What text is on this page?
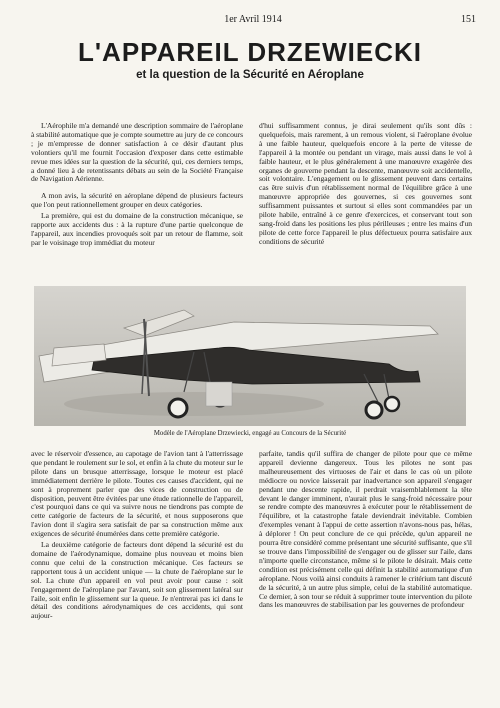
1er Avril 1914	151
L'APPAREIL DRZEWIECKI
et la question de la Sécurité en Aéroplane

L'Aérophile m'a demandé une description sommaire de l'aéroplane à stabilité automatique que je compte soumettre au jury de ce concours ; je m'empresse de donner satisfaction à ce désir d'autant plus volontiers qu'il me fournit l'occasion d'exposer dans cette estimable revue mes idées sur la question de la sécurité, qui, ces derniers temps, a donné lieu à de retentissants débats au sein de la Société Française de Navigation Aérienne.

A mon avis, la sécurité en aéroplane dépend de plusieurs facteurs que l'on peut rationnellement grouper en deux catégories.

La première, qui est du domaine de la construction mécanique, se rapporte aux accidents dus : à la rupture d'une partie quelconque de l'appareil, aux incendies provoqués soit par un retour de flamme, soit par le voisinage trop immédiat du moteur

d'hui suffisamment connus, je dirai seulement qu'ils sont dûs : quelquefois, mais rarement, à un remous violent, si l'aéroplane évolue à une faible hauteur, quelquefois encore à la perte de vitesse de l'appareil à la montée ou pendant un virage, mais aussi dans le vol à faible hauteur, et le plus généralement à une manœuvre exagérée des organes de gouverne pendant la descente, manœuvre soit accidentelle, soit volontaire. L'engagement ou le glissement peuvent dans certains cas être suivis d'un rétablissement normal de l'équilibre grâce à une manœuvre appropriée des gouvernes, si ces gouvernes sont suffisamment puissantes et surtout si elles sont commandées par un pilote habile, entraîné à ce genre d'exercices, et conservant tout son sang-froid dans les positions les plus périlleuses ; entre les mains d'un pilote de cette force l'appareil le plus défectueux pourra satisfaire aux conditions de sécurité

Modèle de l'Aéroplane Drzewiecki, engagé au Concours de la Sécurité

avec le réservoir d'essence, au capotage de l'avion tant à l'atterrissage que pendant le roulement sur le sol, et enfin à la chute du moteur sur le pilote dans un brusque atterrissage, lorsque le moteur est placé immédiatement derrière le pilote. Toutes ces causes d'accident, qui ne sont à proprement parler que des vices de construction ou de disposition, peuvent être évitées par une étude rationnelle de l'appareil, c'est pourquoi dans ce qui va suivre nous ne tiendrons pas compte de cette catégorie de facteurs de la sécurité, et nous supposerons que l'avion dont il s'agira sera satisfait de par sa construction même aux exigences de sécurité énumérées dans cette première catégorie.

La deuxième catégorie de facteurs dont dépend la sécurité est du domaine de l'aérodynamique, domaine plus nouveau et moins bien connu que celui de la construction mécanique. Ces facteurs se rapportent tous à un accident unique — la chute de l'aéroplane sur le sol. La chute d'un appareil en vol peut avoir pour cause : soit l'engagement de l'aéroplane par l'avant, soit son glissement latéral sur l'aile, soit enfin le glissement sur la queue. Je n'entrerai pas ici dans le détail des conditions aérodynamiques de ces accidents, qui sont aujour-

parfaite, tandis qu'il suffira de changer de pilote pour que ce même appareil devienne dangereux. Tous les pilotes ne sont pas malheureusement des virtuoses de l'air et dans le cas où un pilote médiocre ou novice laisserait par inadvertance son appareil s'engager pendant une descente rapide, il perdrait vraisemblablement la tête devant le danger imminent, n'aurait plus le sang-froid nécessaire pour se rendre compte des manœuvres à exécuter pour le rétablissement de l'équilibre, et la catastrophe fatale deviendrait inévitable. Combien d'exemples venant à l'appui de cette assertion n'avons-nous pas, hélas, à déplorer ! On peut conclure de ce qui précède, qu'un appareil ne pourra être considéré comme présentant une sécurité suffisante, que s'il se trouve dans l'impossibilité de s'engager ou de glisser sur l'aile, dans n'importe quelle circonstance, même si le pilote le désirait. Mais cette condition est précisément celle qui définit la stabilité automatique d'un aéroplane. Nous voilà ainsi conduits à ramener le critérium tant discuté de la sécurité, à un autre plus simple, celui de la stabilité automatique. Ce dernier, à son tour se réduit à supprimer toute intervention du pilote dans les manœuvres de stabilisation par les gouvernes de profondeur
